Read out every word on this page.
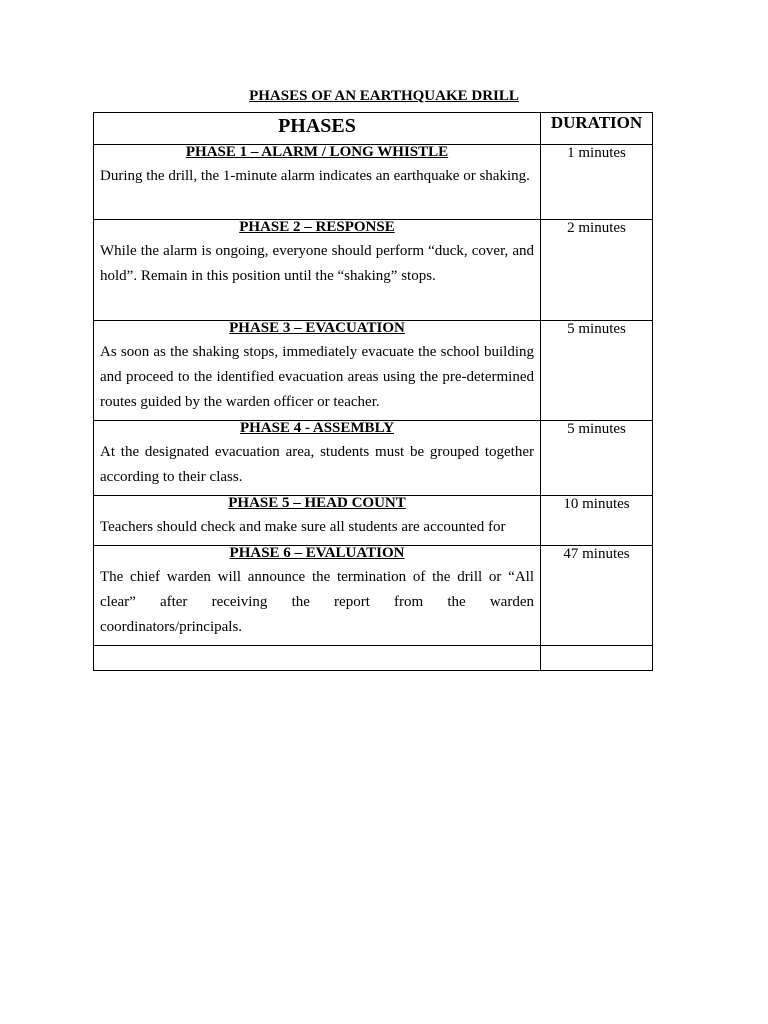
PHASES OF AN EARTHQUAKE DRILL
PHASES	DURATION

PHASE 1 – ALARM / LONG WHISTLE
During the drill, the 1-minute alarm indicates an earthquake or shaking.	1 minutes

PHASE 2 – RESPONSE
While the alarm is ongoing, everyone should perform “duck, cover, and hold”. Remain in this position until the “shaking” stops.	2 minutes

PHASE 3 – EVACUATION
As soon as the shaking stops, immediately evacuate the school building and proceed to the identified evacuation areas using the pre-determined routes guided by the warden officer or teacher.	5 minutes

PHASE 4 - ASSEMBLY
At the designated evacuation area, students must be grouped together according to their class.	5 minutes

PHASE 5 – HEAD COUNT
Teachers should check and make sure all students are accounted for	10 minutes

PHASE 6 – EVALUATION
The chief warden will announce the termination of the drill or “All clear” after receiving the report from the warden coordinators/principals.	47 minutes
